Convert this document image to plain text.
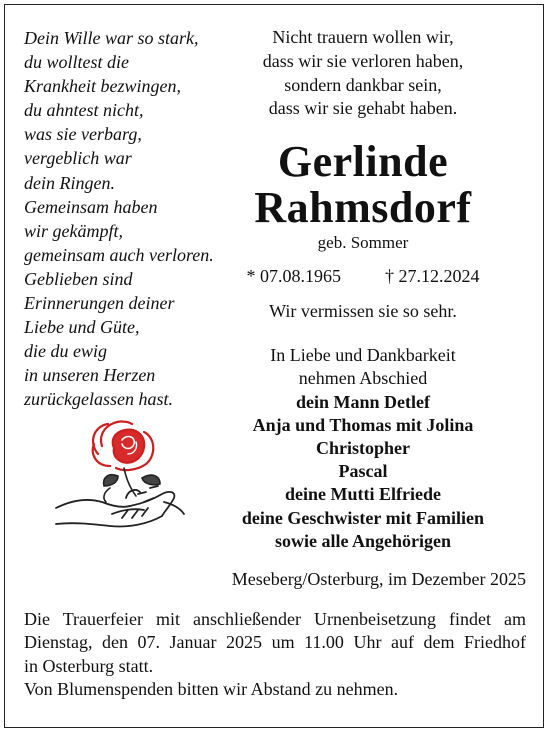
Dein Wille war so stark,
du wolltest die
Krankheit bezwingen,
du ahntest nicht,
was sie verbarg,
vergeblich war
dein Ringen.
Gemeinsam haben
wir gekämpft,
gemeinsam auch verloren.
Geblieben sind
Erinnerungen deiner
Liebe und Güte,
die du ewig
in unseren Herzen
zurückgelassen hast.
Nicht trauern wollen wir,
dass wir sie verloren haben,
sondern dankbar sein,
dass wir sie gehabt haben.
Gerlinde
Rahmsdorf
geb. Sommer
* 07.08.1965 † 27.12.2024
Wir vermissen sie so sehr.
In Liebe und Dankbarkeit
nehmen Abschied
dein Mann Detlef
Anja und Thomas mit Jolina
Christopher
Pascal
deine Mutti Elfriede
deine Geschwister mit Familien
sowie alle Angehörigen
Meseberg/Osterburg, im Dezember 2025
Die Trauerfeier mit anschließender Urnenbeisetzung findet am
Dienstag, den 07. Januar 2025 um 11.00 Uhr auf dem Friedhof
in Osterburg statt.
Von Blumenspenden bitten wir Abstand zu nehmen.
